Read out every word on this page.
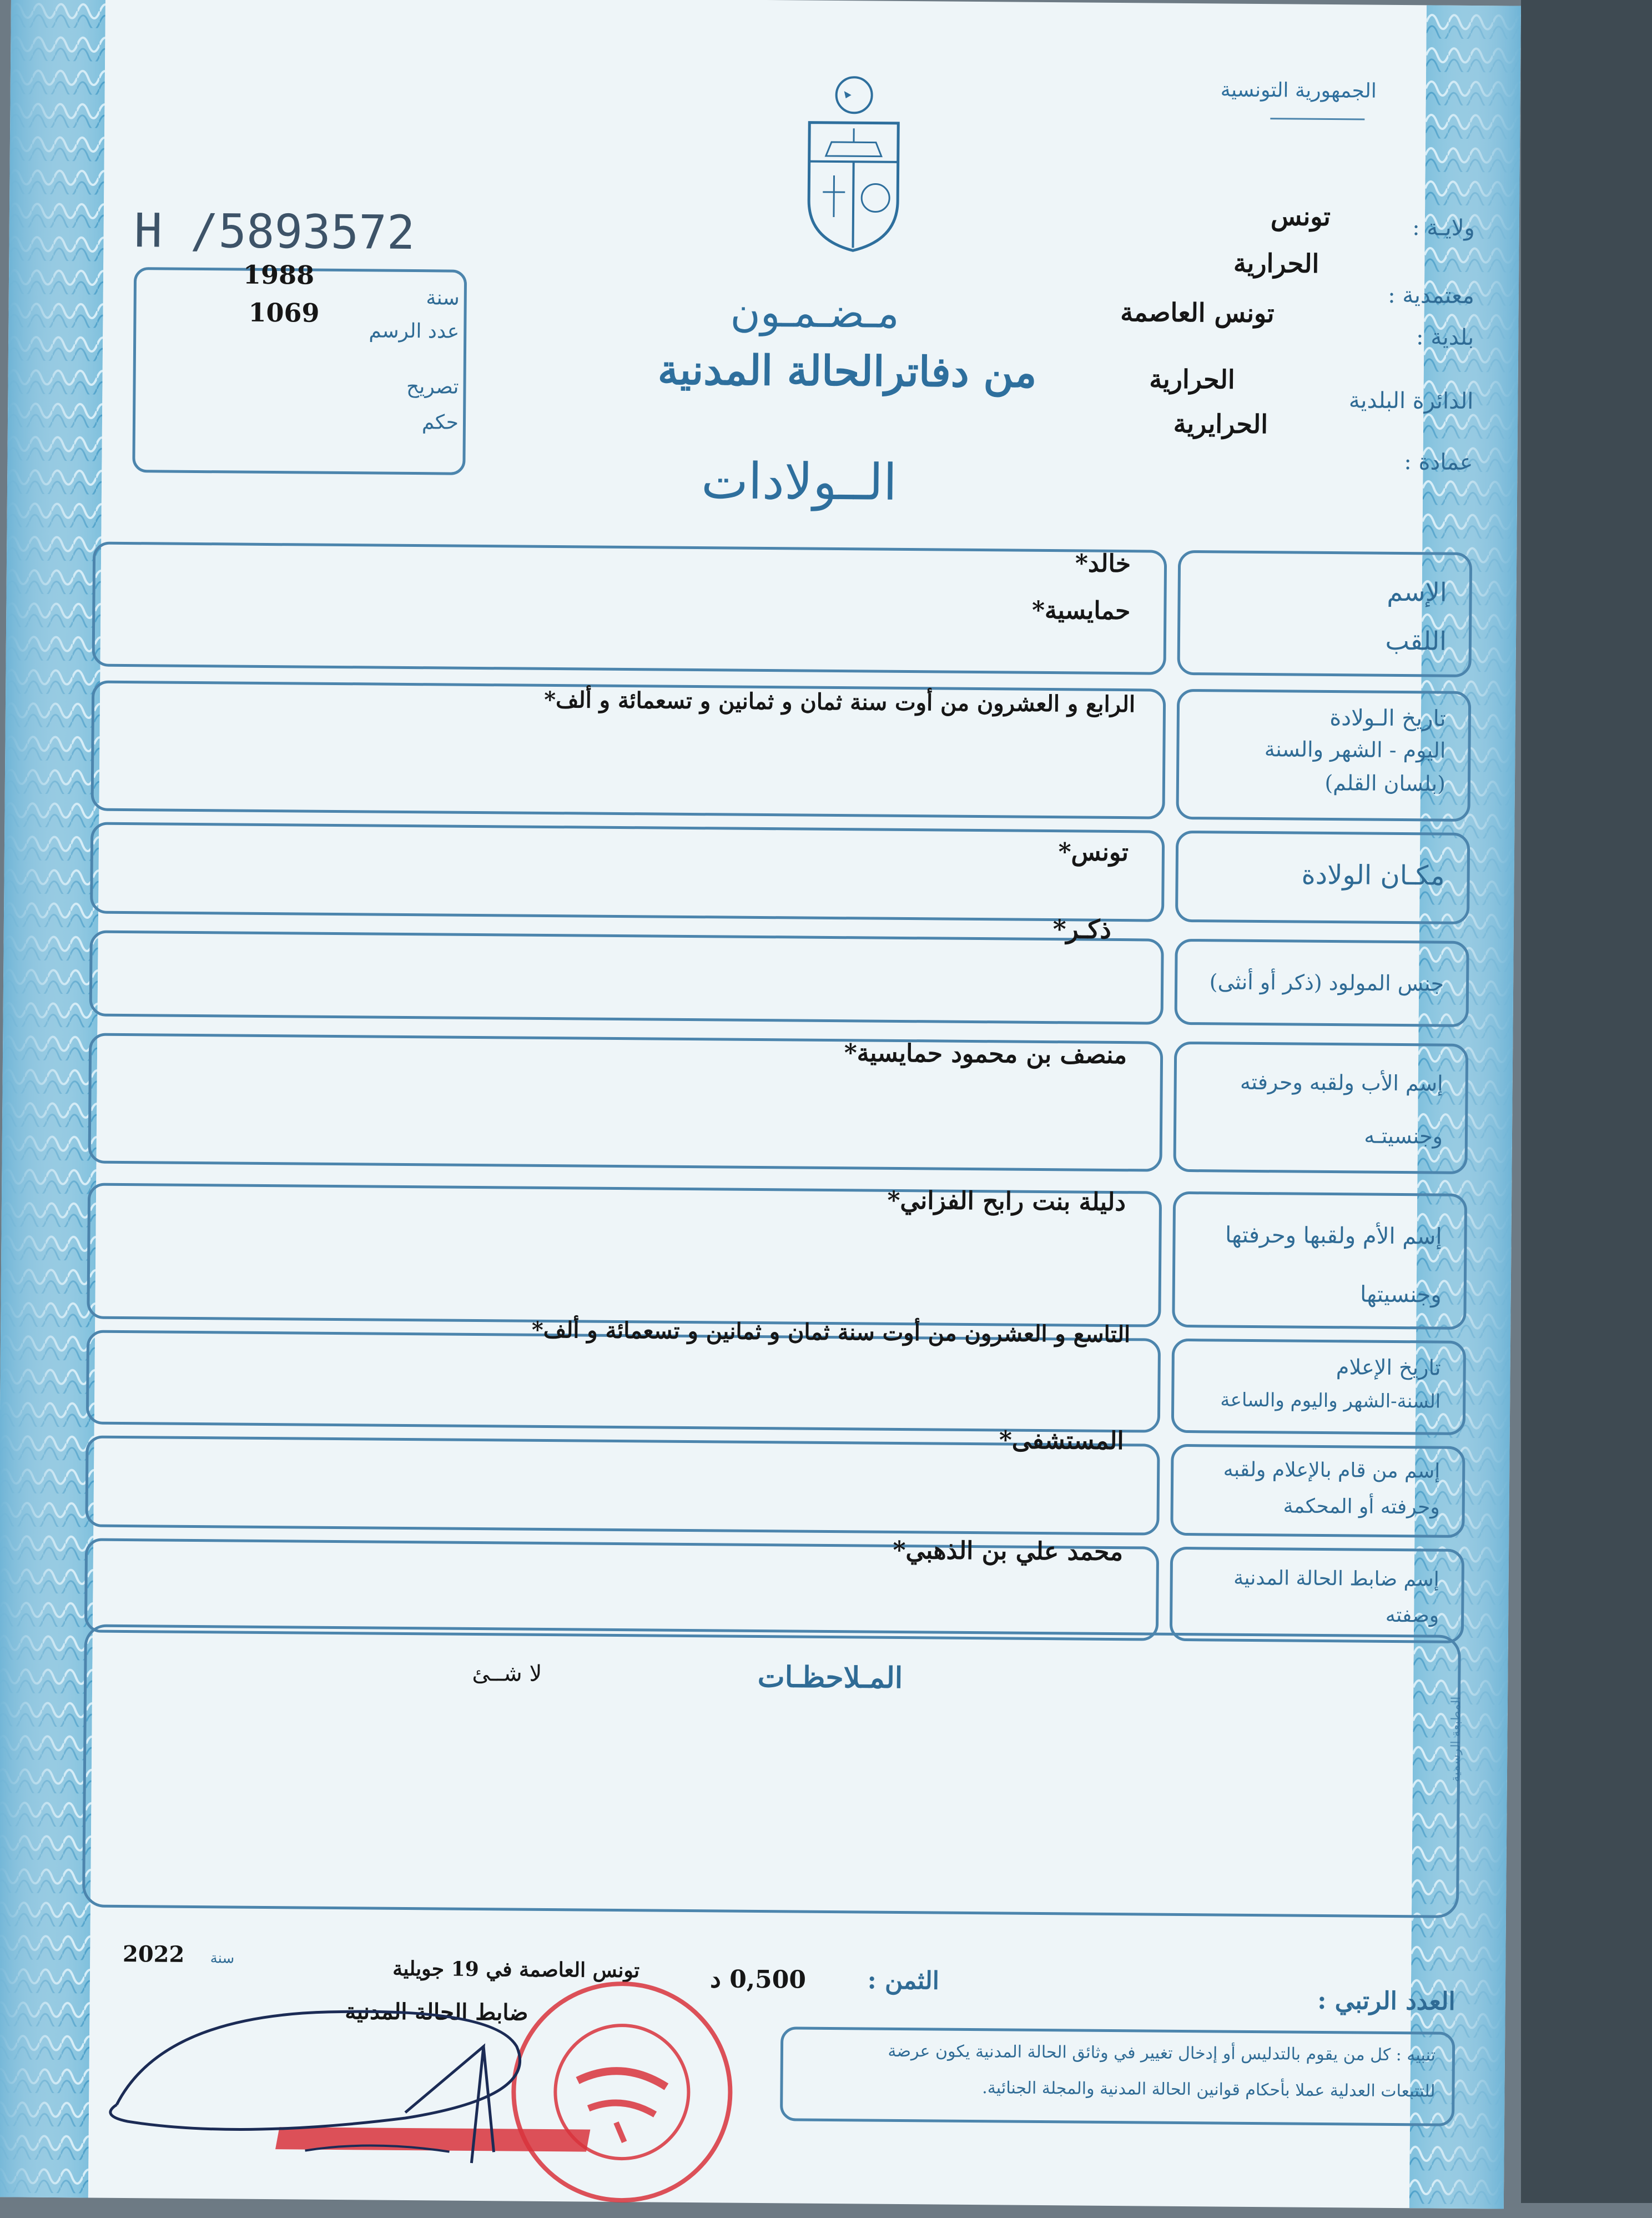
الجمهورية التونسية
H /5893572
1988
سنة
1069
عدد الرسم
تصريح
حكم
مـضـمـون
من دفاترالحالة المدنية
الــولادات
ولايـة :
تونس
معتمدية :
الحرارية
بلدية :
تونس العاصمة
الدائرة البلدية
الحرارية
عمادة :
الحرايرية
الإسم
اللقب
خالد*
حمايسية*
تاريخ الـولادة
اليوم - الشهر والسنة
(بلسان القلم)
الرابع و العشرون من أوت سنة ثمان و ثمانين و تسعمائة و ألف*
مكـان الولادة
تونس*
جنس المولود (ذكر أو أنثى)
ذكـر*
إسم الأب ولقبه وحرفته
وجنسيتـه
منصف بن محمود حمايسية*
إسم الأم ولقبها وحرفتها
وجنسيتها
دليلة بنت رابح الفزاني*
تاريخ الإعلام
السنة-الشهر واليوم والساعة
التاسع و العشرون من أوت سنة ثمان و ثمانين و تسعمائة و ألف*
إسم من قام بالإعلام ولقبه
وحرفته أو المحكمة
المستشفى*
إسم ضابط الحالة المدنية
وصفته
محمد علي بن الذهبي*
المـلاحظـات
لا شــئ
المطبعة الرسمية
العدد الرتبي :
الثمن :
0,500 د
تونس العاصمة في 19 جويلية
سنة
2022
ضابط الحالة المدنية
تنبيه : كل من يقوم بالتدليس أو إدخال تغيير في وثائق الحالة المدنية يكون عرضة
للتتبعات العدلية عملا بأحكام قوانين الحالة المدنية والمجلة الجنائية.
